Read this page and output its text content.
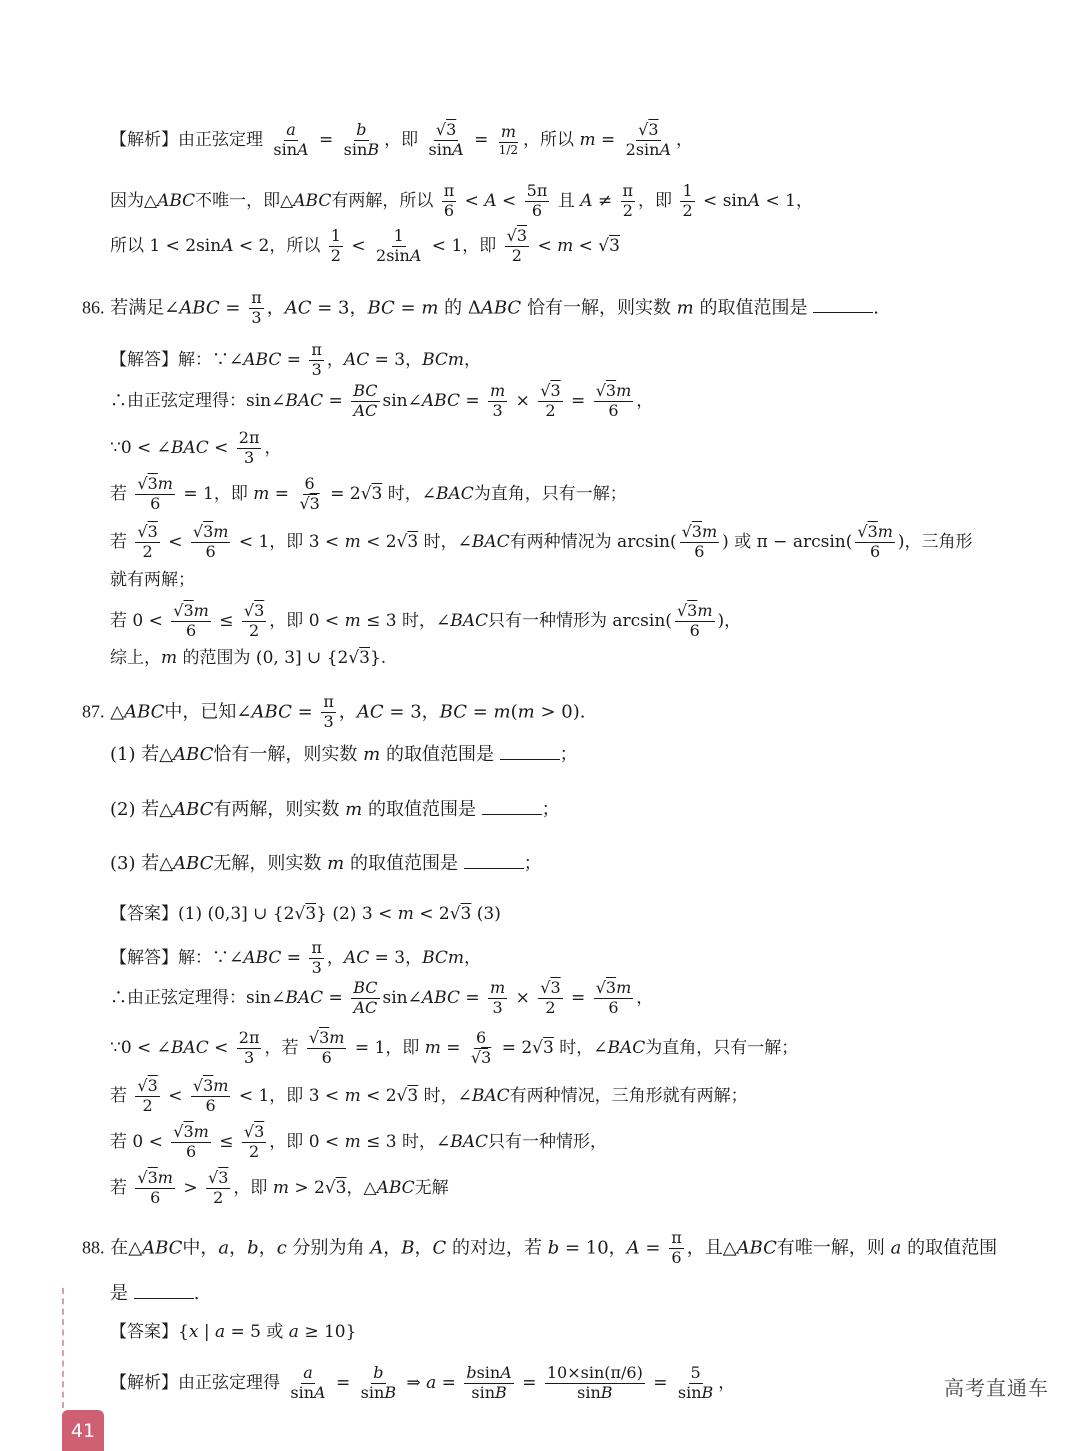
【解析】由正弦定理 $\frac{a}{\sin A} = \frac{b}{\sin B}$ ，即 $\frac{√3}{\sin A} = \frac{m}{1/2}$ ，所以 $m = \frac{√3}{2\sin A}$ ，
因为△ABC不唯一，即△ABC有两解，所以 $\frac{\pi}{6} < A < \frac{5\pi}{6}$ 且 $A \ne \frac{\pi}{2}$ ，即 $\frac{1}{2} < \sin A < 1$，
所以 1 < 2sinA < 2，所以 $\frac{1}{2} < \frac{1}{2\sin A} < 1$，即 $\frac{√3}{2} < m < √3$
86. 若满足∠ABC = $\frac{\pi}{3}$ ，AC = 3，BC = m 的 ΔABC 恰有一解，则实数 m 的取值范围是	.
【解答】解：∵∠ABC = $\frac{\pi}{3}$ ，AC = 3，BCm，
∴由正弦定理得：sin∠BAC = $\frac{BC}{AC}$ sin∠ABC = $\frac{m}{3} \times \frac{√3}{2} = \frac{√3m}{6}$ ，
∵0 < ∠BAC < $\frac{2\pi}{3}$ ，
若 $\frac{√3m}{6} = 1$，即 $m = \frac{6}{√3} = 2√3$ 时，∠BAC为直角，只有一解；
若 $\frac{√3}{2} < \frac{√3m}{6} < 1$，即 3 < m < 2√3 时，∠BAC有两种情况为 $\arcsin( \frac{√3m}{6}$ ) 或 $\pi - \arcsin( \frac{√3m}{6}$ )，三角形
就有两解；
若 $0 < \frac{√3m}{6} \le \frac{√3}{2}$ ，即 0 < m ≤ 3 时，∠BAC只有一种情形为 $\arcsin( \frac{√3m}{6}$ )，
综上，m 的范围为 (0, 3] ∪ {2√3}.
87. △ABC中，已知∠ABC = $\frac{\pi}{3}$ ，AC = 3，BC = m(m > 0).
(1) 若△ABC恰有一解，则实数 m 的取值范围是	；
(2) 若△ABC有两解，则实数 m 的取值范围是	；
(3) 若△ABC无解，则实数 m 的取值范围是	；
【答案】(1) (0,3] ∪ {2√3} (2) 3 < m < 2√3 (3)
【解答】解：∵∠ABC = $\frac{\pi}{3}$ ，AC = 3，BCm，
∴由正弦定理得：sin∠BAC = $\frac{BC}{AC}$ sin∠ABC = $\frac{m}{3} \times \frac{√3}{2} = \frac{√3m}{6}$ ，
∵0 < ∠BAC < $\frac{2\pi}{3}$ ，若 $\frac{√3m}{6} = 1$，即 $m = \frac{6}{√3} = 2√3$ 时，∠BAC为直角，只有一解；
若 $\frac{√3}{2} < \frac{√3m}{6} < 1$，即 3 < m < 2√3 时，∠BAC有两种情况，三角形就有两解；
若 $0 < \frac{√3m}{6} \le \frac{√3}{2}$ ，即 0 < m ≤ 3 时，∠BAC只有一种情形，
若 $\frac{√3m}{6} > \frac{√3}{2}$ ，即 m > 2√3，△ABC无解
88. 在△ABC中，a，b，c 分别为角 A，B，C 的对边，若 b = 10，$A = \frac{\pi}{6}$ ，且△ABC有唯一解，则 a 的取值范围
是	.
【答案】{x | a = 5 或 a ≥ 10}
【解析】由正弦定理得 $\frac{a}{\sin A} = \frac{b}{\sin B}$ ⇒ $a = \frac{bsinA}{\sin B} = \frac{10\times\sin(\pi/6)}{\sin B} = \frac{5}{\sin B}$ ，
41
高考直通车
